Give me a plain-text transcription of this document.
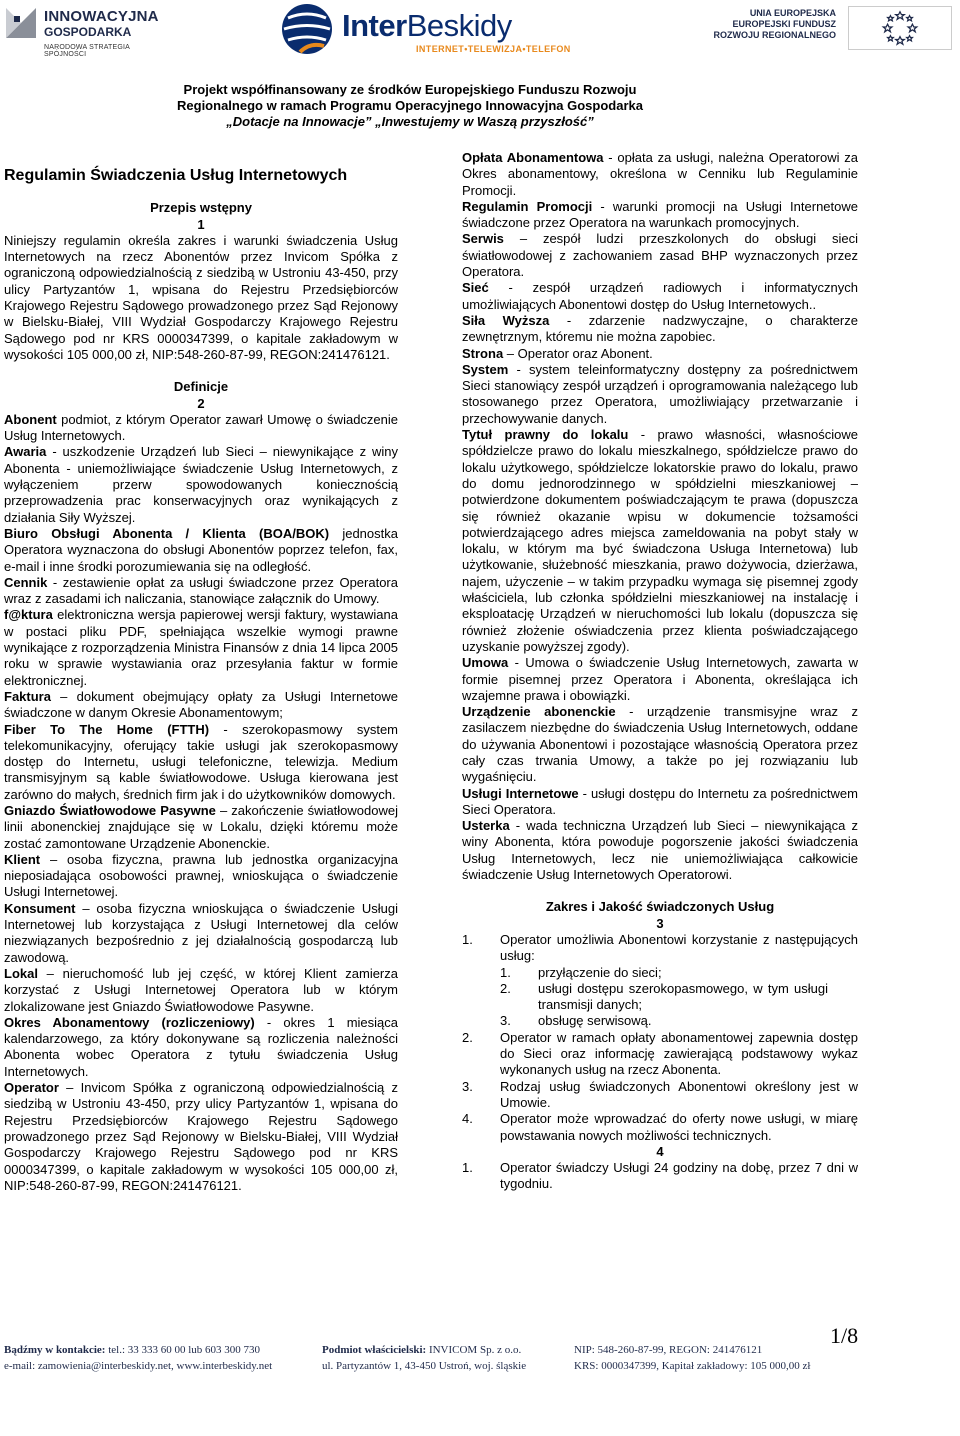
INNOWACYJNA
GOSPODARKA
NARODOWA STRATEGIA SPÓJNOŚCI
InterBeskidy
INTERNET•TELEWIZJA•TELEFON
UNIA EUROPEJSKA
EUROPEJSKI FUNDUSZ
ROZWOJU REGIONALNEGO
Projekt współfinansowany ze środków Europejskiego Funduszu Rozwoju
Regionalnego w ramach Programu Operacyjnego Innowacyjna Gospodarka
„Dotacje na Innowacje” „Inwestujemy w Waszą przyszłość”

Regulamin Świadczenia Usług Internetowych

Przepis wstępny

1

Niniejszy regulamin określa zakres i warunki świadczenia Usług Internetowych na rzecz Abonentów przez Invicom Spółka z ograniczoną odpowiedzialnością z siedzibą w Ustroniu 43-450, przy ulicy Partyzantów 1, wpisana do Rejestru Przedsiębiorców Krajowego Rejestru Sądowego prowadzonego przez Sąd Rejonowy w Bielsku-Białej, VIII Wydział Gospodarczy Krajowego Rejestru Sądowego pod nr KRS 0000347399, o kapitale zakładowym w wysokości 105 000,00 zł, NIP:548-260-87-99, REGON:241476121.

Definicje

2

Abonent podmiot, z którym Operator zawarł Umowę o świadczenie Usług Internetowych.

Awaria - uszkodzenie Urządzeń lub Sieci – niewynikające z winy Abonenta - uniemożliwiające świadczenie Usług Internetowych, z wyłączeniem przerw spowodowanych koniecznością przeprowadzenia prac konserwacyjnych oraz wynikających z działania Siły Wyższej.

Biuro Obsługi Abonenta / Klienta (BOA/BOK) jednostka Operatora wyznaczona do obsługi Abonentów poprzez telefon, fax, e-mail i inne środki porozumiewania się na odległość.

Cennik - zestawienie opłat za usługi świadczone przez Operatora wraz z zasadami ich naliczania, stanowiące załącznik do Umowy.

f@ktura elektroniczna wersja papierowej wersji faktury, wystawiana w postaci pliku PDF, spełniająca wszelkie wymogi prawne wynikające z rozporządzenia Ministra Finansów z dnia 14 lipca 2005 roku w sprawie wystawiania oraz przesyłania faktur w formie elektronicznej.

Faktura – dokument obejmujący opłaty za Usługi Internetowe świadczone w danym Okresie Abonamentowym;

Fiber To The Home (FTTH) - szerokopasmowy system telekomunikacyjny, oferujący takie usługi jak szerokopasmowy dostęp do Internetu, usługi telefoniczne, telewizja. Medium transmisyjnym są kable światłowodowe. Usługa kierowana jest zarówno do małych, średnich firm jak i do użytkowników domowych.

Gniazdo Światłowodowe Pasywne – zakończenie światłowodowej linii abonenckiej znajdujące się w Lokalu, dzięki któremu może zostać zamontowane Urządzenie Abonenckie.

Klient – osoba fizyczna, prawna lub jednostka organizacyjna nieposiadająca osobowości prawnej, wnioskująca o świadczenie Usługi Internetowej.

Konsument – osoba fizyczna wnioskująca o świadczenie Usługi Internetowej lub korzystająca z Usługi Internetowej dla celów niezwiązanych bezpośrednio z jej działalnością gospodarczą lub zawodową.

Lokal – nieruchomość lub jej część, w której Klient zamierza korzystać z Usługi Internetowej Operatora lub w którym zlokalizowane jest Gniazdo Światłowodowe Pasywne.

Okres Abonamentowy (rozliczeniowy) - okres 1 miesiąca kalendarzowego, za który dokonywane są rozliczenia należności Abonenta wobec Operatora z tytułu świadczenia Usług Internetowych.

Operator – Invicom Spółka z ograniczoną odpowiedzialnością z siedzibą w Ustroniu 43-450, przy ulicy Partyzantów 1, wpisana do Rejestru Przedsiębiorców Krajowego Rejestru Sądowego prowadzonego przez Sąd Rejonowy w Bielsku-Białej, VIII Wydział Gospodarczy Krajowego Rejestru Sądowego pod nr KRS 0000347399, o kapitale zakładowym w wysokości 105 000,00 zł, NIP:548-260-87-99, REGON:241476121.

Opłata Abonamentowa - opłata za usługi, należna Operatorowi za Okres abonamentowy, określona w Cenniku lub Regulaminie Promocji.

Regulamin Promocji - warunki promocji na Usługi Internetowe świadczone przez Operatora na warunkach promocyjnych.

Serwis – zespół ludzi przeszkolonych do obsługi sieci światłowodowej z zachowaniem zasad BHP wyznaczonych przez Operatora.

Sieć - zespół urządzeń radiowych i informatycznych umożliwiających Abonentowi dostęp do Usług Internetowych..

Siła Wyższa - zdarzenie nadzwyczajne, o charakterze zewnętrznym, któremu nie można zapobiec.

Strona – Operator oraz Abonent.

System - system teleinformatyczny dostępny za pośrednictwem Sieci stanowiący zespół urządzeń i oprogramowania należącego lub stosowanego przez Operatora, umożliwiający przetwarzanie i przechowywanie danych.

Tytuł prawny do lokalu - prawo własności, własnościowe spółdzielcze prawo do lokalu mieszkalnego, spółdzielcze prawo do lokalu użytkowego, spółdzielcze lokatorskie prawo do lokalu, prawo do domu jednorodzinnego w spółdzielni mieszkaniowej – potwierdzone dokumentem poświadczającym te prawa (dopuszcza się również okazanie wpisu w dokumencie tożsamości potwierdzającego adres miejsca zameldowania na pobyt stały w lokalu, w którym ma być świadczona Usługa Internetowa) lub użytkowanie, służebność mieszkania, prawo dożywocia, dzierżawa, najem, użyczenie – w takim przypadku wymaga się pisemnej zgody właściciela, lub członka spółdzielni mieszkaniowej na instalację i eksploatację Urządzeń w nieruchomości lub lokalu (dopuszcza się również złożenie oświadczenia przez klienta poświadczającego uzyskanie powyższej zgody).

Umowa - Umowa o świadczenie Usług Internetowych, zawarta w formie pisemnej przez Operatora i Abonenta, określająca ich wzajemne prawa i obowiązki.

Urządzenie abonenckie - urządzenie transmisyjne wraz z zasilaczem niezbędne do świadczenia Usług Internetowych, oddane do używania Abonentowi i pozostające własnością Operatora przez cały czas trwania Umowy, a także po jej rozwiązaniu lub wygaśnięciu.

Usługi Internetowe - usługi dostępu do Internetu za pośrednictwem Sieci Operatora.

Usterka - wada techniczna Urządzeń lub Sieci – niewynikająca z winy Abonenta, która powoduje pogorszenie jakości świadczenia Usług Internetowych, lecz nie uniemożliwiająca całkowicie świadczenie Usług Internetowych Operatorowi.

Zakres i Jakość świadczonych Usług

3

1. Operator umożliwia Abonentowi korzystanie z następujących usług:
1. przyłączenie do sieci;
2. usługi dostępu szerokopasmowego, w tym usługi transmisji danych;
3. obsługę serwisową.
2. Operator w ramach opłaty abonamentowej zapewnia dostęp do Sieci oraz informację zawierającą podstawowy wykaz wykonanych usług na rzecz Abonenta.
3. Rodzaj usług świadczonych Abonentowi określony jest w Umowie.
4. Operator może wprowadzać do oferty nowe usługi, w miarę powstawania nowych możliwości technicznych.

4

1. Operator świadczy Usługi 24 godziny na dobę, przez 7 dni w tygodniu.
Bądźmy w kontakcie: tel.: 33 333 60 00 lub 603 300 730
e-mail: zamowienia@interbeskidy.net, www.interbeskidy.net
Podmiot właścicielski: INVICOM Sp. z o.o.
ul. Partyzantów 1, 43-450 Ustroń, woj. śląskie
NIP: 548-260-87-99, REGON: 241476121
KRS: 0000347399, Kapitał zakładowy: 105 000,00 zł
1/8
